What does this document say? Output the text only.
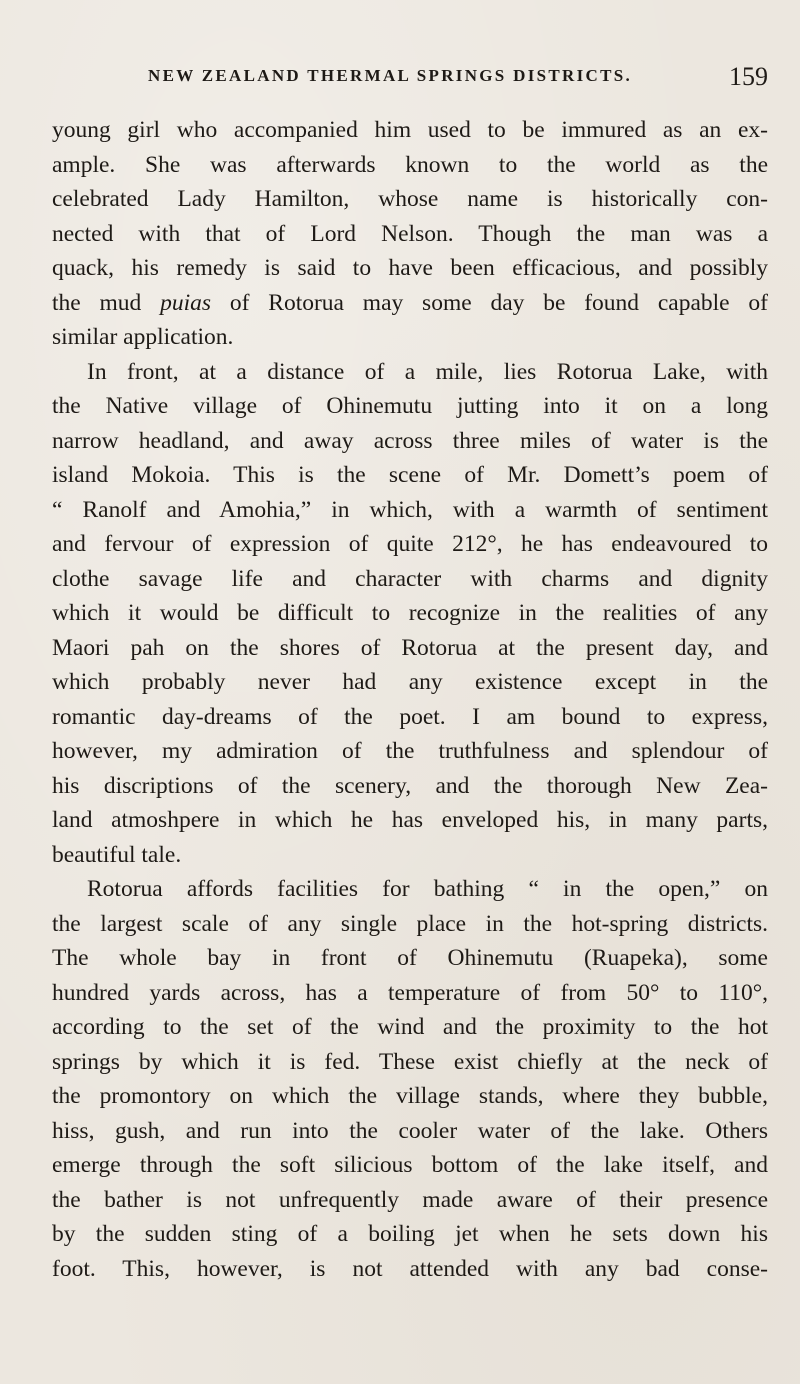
NEW ZEALAND THERMAL SPRINGS DISTRICTS.	159
young girl who accompanied him used to be immured as an ex-
ample. She was afterwards known to the world as the
celebrated Lady Hamilton, whose name is historically con-
nected with that of Lord Nelson. Though the man was a
quack, his remedy is said to have been efficacious, and possibly
the mud puias of Rotorua may some day be found capable of
similar application.
In front, at a distance of a mile, lies Rotorua Lake, with
the Native village of Ohinemutu jutting into it on a long
narrow headland, and away across three miles of water is the
island Mokoia. This is the scene of Mr. Domett’s poem of
“ Ranolf and Amohia,” in which, with a warmth of sentiment
and fervour of expression of quite 212°, he has endeavoured to
clothe savage life and character with charms and dignity
which it would be difficult to recognize in the realities of any
Maori pah on the shores of Rotorua at the present day, and
which probably never had any existence except in the
romantic day-dreams of the poet. I am bound to express,
however, my admiration of the truthfulness and splendour of
his discriptions of the scenery, and the thorough New Zea-
land atmoshpere in which he has enveloped his, in many parts,
beautiful tale.
Rotorua affords facilities for bathing “ in the open,” on
the largest scale of any single place in the hot-spring districts.
The whole bay in front of Ohinemutu (Ruapeka), some
hundred yards across, has a temperature of from 50° to 110°,
according to the set of the wind and the proximity to the hot
springs by which it is fed. These exist chiefly at the neck of
the promontory on which the village stands, where they bubble,
hiss, gush, and run into the cooler water of the lake. Others
emerge through the soft silicious bottom of the lake itself, and
the bather is not unfrequently made aware of their presence
by the sudden sting of a boiling jet when he sets down his
foot. This, however, is not attended with any bad conse-
